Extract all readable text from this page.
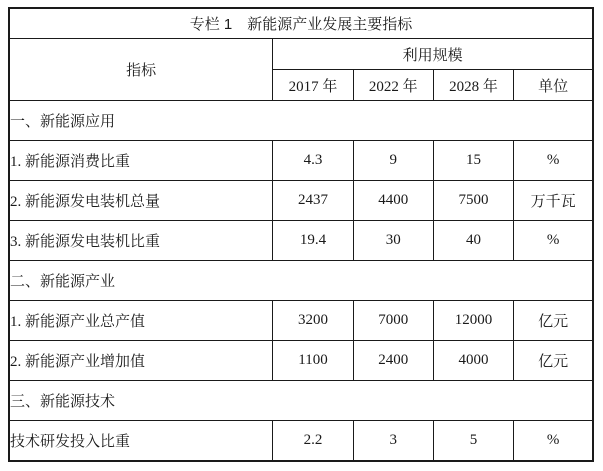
专栏 1　新能源产业发展主要指标				
指标	利用规模			
	2017 年	2022 年	2028 年	单位
一、新能源应用				
1. 新能源消费比重	4.3	9	15	%
2. 新能源发电装机总量	2437	4400	7500	万千瓦
3. 新能源发电装机比重	19.4	30	40	%
二、新能源产业				
1. 新能源产业总产值	3200	7000	12000	亿元
2. 新能源产业增加值	1100	2400	4000	亿元
三、新能源技术				
技术研发投入比重	2.2	3	5	%
